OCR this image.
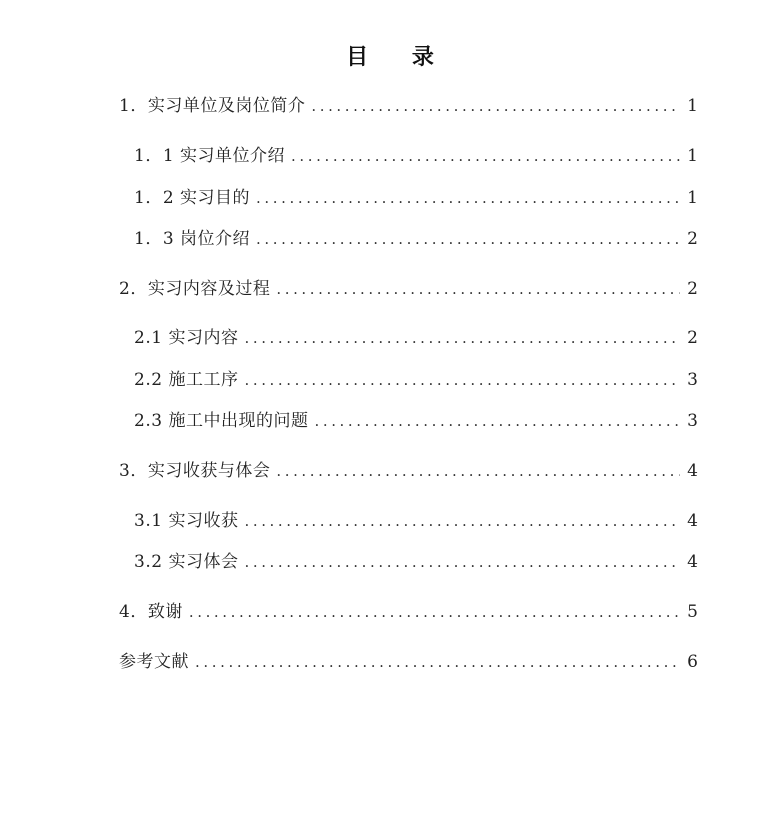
目 录
1．实习单位及岗位简介 .....	1
1．1 实习单位介绍 .....	1
1．2 实习目的 .....	1
1．3 岗位介绍 .....	2
2．实习内容及过程 .....	2
2.1 实习内容 .....	2
2.2 施工工序 .....	3
2.3 施工中出现的问题 .....	3
3．实习收获与体会 .....	4
3.1 实习收获 .....	4
3.2 实习体会 .....	4
4．致谢 .....	5
参考文献 .....	6
